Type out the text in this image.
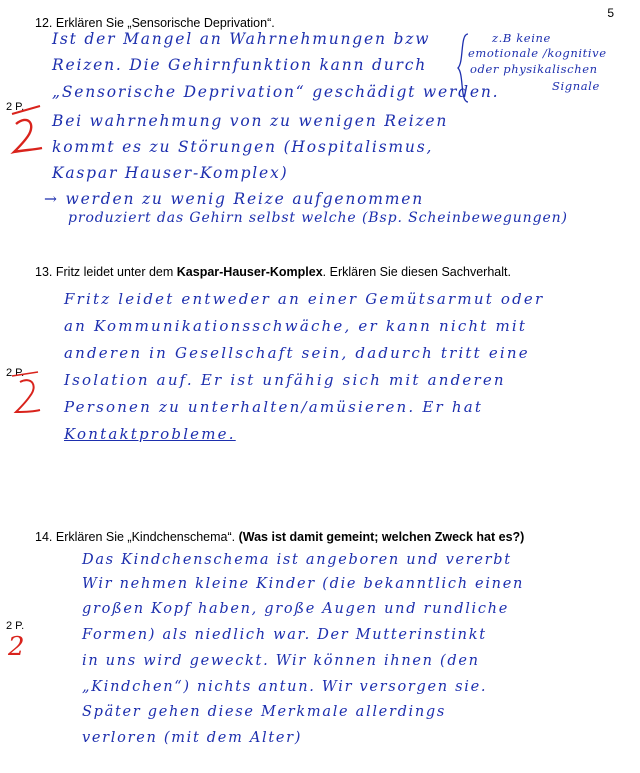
5
12. Erklären Sie „Sensorische Deprivation“.
Ist der Mangel an Wahrnehmungen bzw
Reizen. Die Gehirnfunktion kann durch
„Sensorische Deprivation“ geschädigt werden.
Bei wahrnehmung von zu wenigen Reizen
kommt es zu Störungen (Hospitalismus,
Kaspar Hauser-Komplex)
→ werden zu wenig Reize aufgenommen
produziert das Gehirn selbst welche (Bsp. Scheinbewegungen)
z.B keine
emotionale /kognitive
oder physikalischen
Signale
2 P.
13. Fritz leidet unter dem Kaspar-Hauser-Komplex. Erklären Sie diesen Sachverhalt.
Fritz leidet entweder an einer Gemütsarmut oder
an Kommunikationsschwäche, er kann nicht mit
anderen in Gesellschaft sein, dadurch tritt eine
Isolation auf. Er ist unfähig sich mit anderen
Personen zu unterhalten/amüsieren. Er hat
Kontaktprobleme.
2 P.
14. Erklären Sie „Kindchenschema“. (Was ist damit gemeint; welchen Zweck hat es?)
Das Kindchenschema ist angeboren und vererbt
Wir nehmen kleine Kinder (die bekanntlich einen
großen Kopf haben, große Augen und rundliche
Formen) als niedlich war. Der Mutterinstinkt
in uns wird geweckt. Wir können ihnen (den
„Kindchen“) nichts antun. Wir versorgen sie.
Später gehen diese Merkmale allerdings
verloren (mit dem Alter)
2 P.
2
